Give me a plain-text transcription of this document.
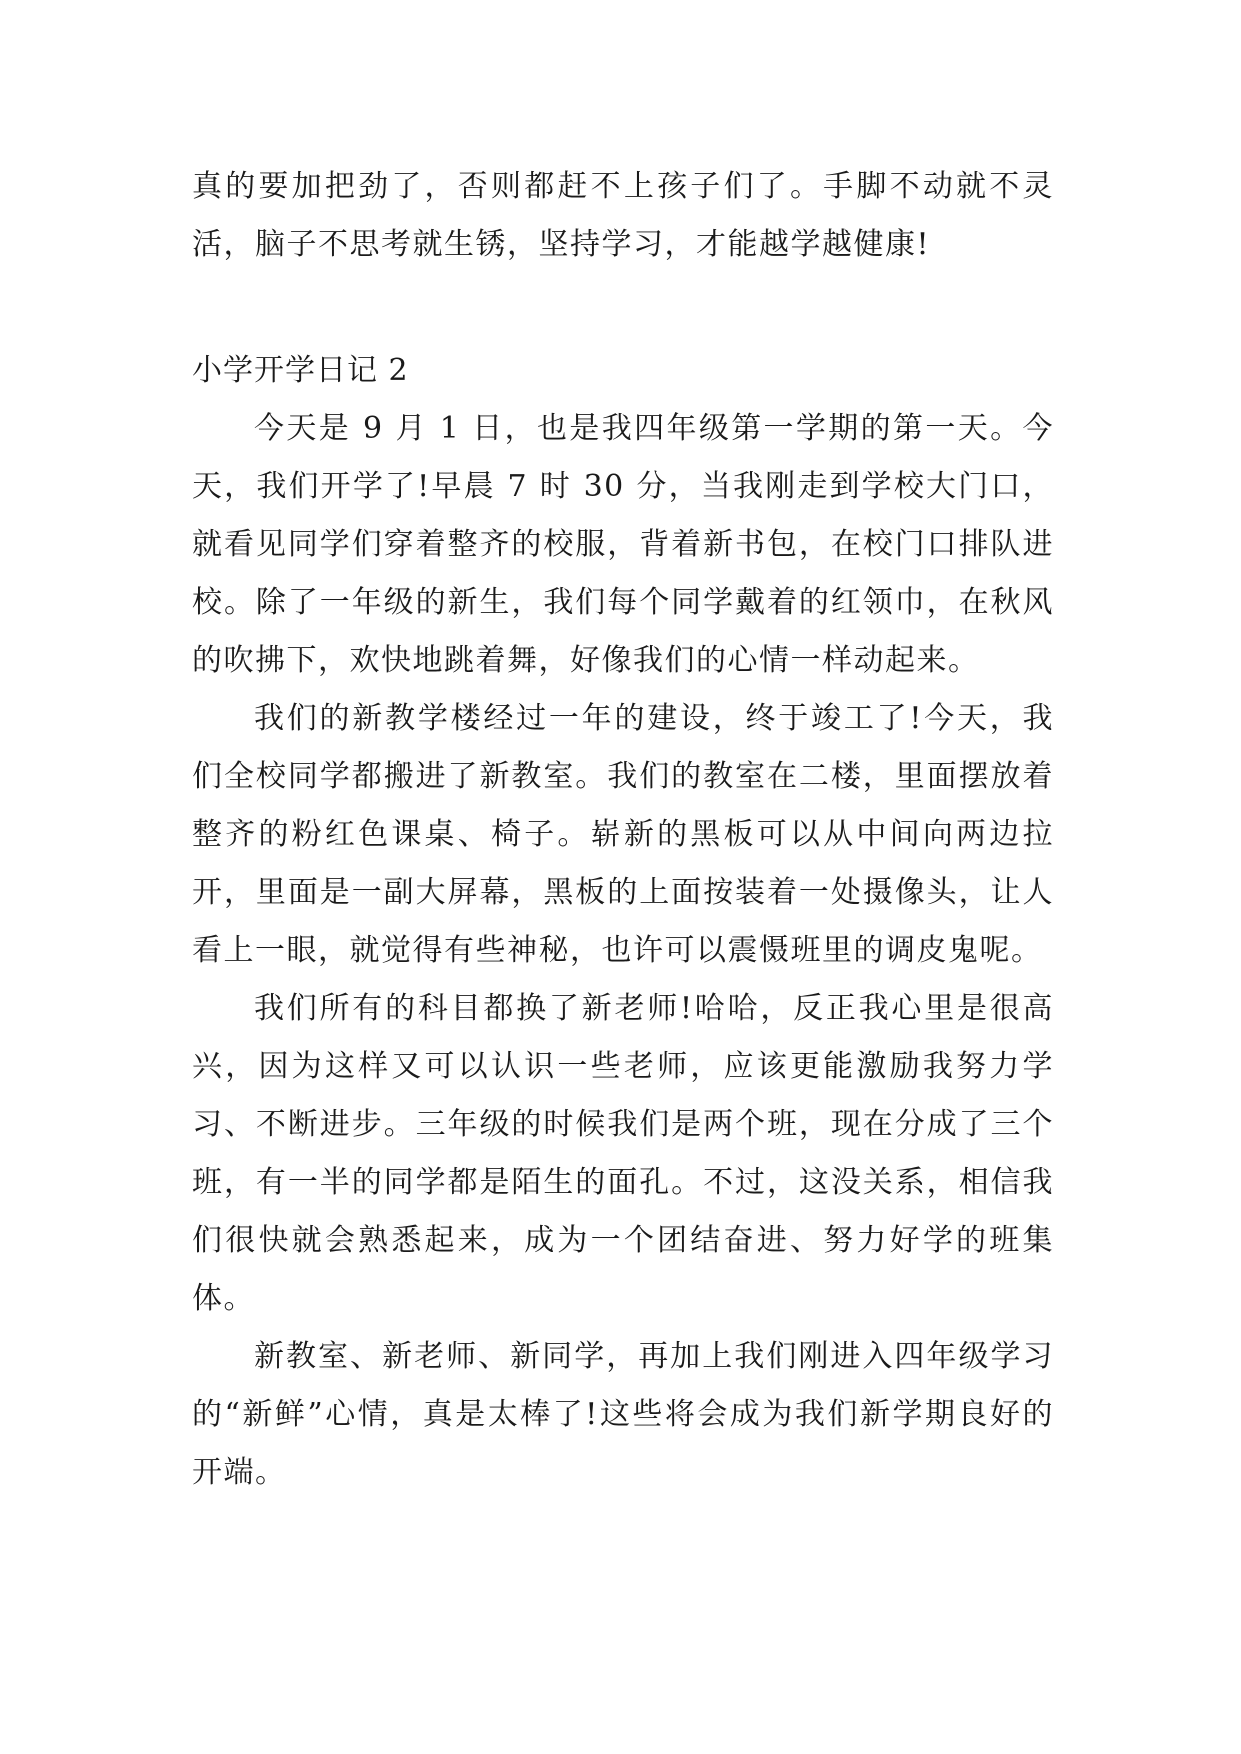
真的要加把劲了，否则都赶不上孩子们了。手脚不动就不灵活，脑子不思考就生锈，坚持学习，才能越学越健康!

小学开学日记 2

今天是 9 月 1 日，也是我四年级第一学期的第一天。今天，我们开学了!早晨 7 时 30 分，当我刚走到学校大门口，就看见同学们穿着整齐的校服，背着新书包，在校门口排队进校。除了一年级的新生，我们每个同学戴着的红领巾，在秋风的吹拂下，欢快地跳着舞，好像我们的心情一样动起来。

我们的新教学楼经过一年的建设，终于竣工了!今天，我们全校同学都搬进了新教室。我们的教室在二楼，里面摆放着整齐的粉红色课桌、椅子。崭新的黑板可以从中间向两边拉开，里面是一副大屏幕，黑板的上面按装着一处摄像头，让人看上一眼，就觉得有些神秘，也许可以震慑班里的调皮鬼呢。

我们所有的科目都换了新老师!哈哈，反正我心里是很高兴，因为这样又可以认识一些老师，应该更能激励我努力学习、不断进步。三年级的时候我们是两个班，现在分成了三个班，有一半的同学都是陌生的面孔。不过，这没关系，相信我们很快就会熟悉起来，成为一个团结奋进、努力好学的班集体。

新教室、新老师、新同学，再加上我们刚进入四年级学习的“新鲜”心情，真是太棒了!这些将会成为我们新学期良好的开端。
